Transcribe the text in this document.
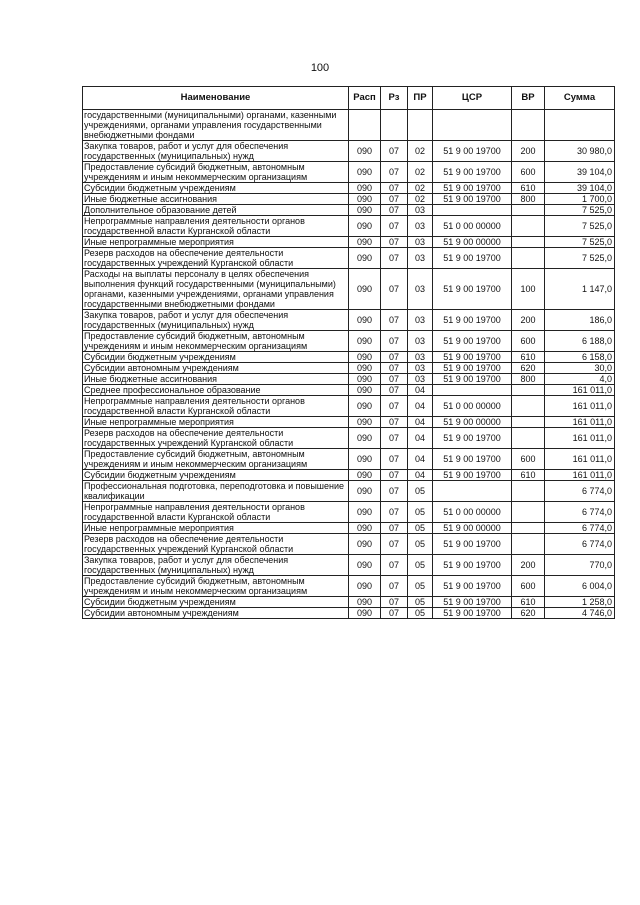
100
Наименование	Расп	Рз	ПР	ЦСР	ВР	Сумма
государственными (муниципальными) органами, казенными учреждениями, органами управления государственными внебюджетными фондами						
Закупка товаров, работ и услуг для обеспечения государственных (муниципальных) нужд	090	07	02	51 9 00 19700	200	30 980,0
Предоставление субсидий бюджетным, автономным учреждениям и иным некоммерческим организациям	090	07	02	51 9 00 19700	600	39 104,0
Субсидии бюджетным учреждениям	090	07	02	51 9 00 19700	610	39 104,0
Иные бюджетные ассигнования	090	07	02	51 9 00 19700	800	1 700,0
Дополнительное образование детей	090	07	03			7 525,0
Непрограммные направления деятельности органов государственной власти Курганской области	090	07	03	51 0 00 00000		7 525,0
Иные непрограммные мероприятия	090	07	03	51 9 00 00000		7 525,0
Резерв расходов на обеспечение деятельности государственных учреждений Курганской области	090	07	03	51 9 00 19700		7 525,0
Расходы на выплаты персоналу в целях обеспечения выполнения функций государственными (муниципальными) органами, казенными учреждениями, органами управления государственными внебюджетными фондами	090	07	03	51 9 00 19700	100	1 147,0
Закупка товаров, работ и услуг для обеспечения государственных (муниципальных) нужд	090	07	03	51 9 00 19700	200	186,0
Предоставление субсидий бюджетным, автономным учреждениям и иным некоммерческим организациям	090	07	03	51 9 00 19700	600	6 188,0
Субсидии бюджетным учреждениям	090	07	03	51 9 00 19700	610	6 158,0
Субсидии автономным учреждениям	090	07	03	51 9 00 19700	620	30,0
Иные бюджетные ассигнования	090	07	03	51 9 00 19700	800	4,0
Среднее профессиональное образование	090	07	04			161 011,0
Непрограммные направления деятельности органов государственной власти Курганской области	090	07	04	51 0 00 00000		161 011,0
Иные непрограммные мероприятия	090	07	04	51 9 00 00000		161 011,0
Резерв расходов на обеспечение деятельности государственных учреждений Курганской области	090	07	04	51 9 00 19700		161 011,0
Предоставление субсидий бюджетным, автономным учреждениям и иным некоммерческим организациям	090	07	04	51 9 00 19700	600	161 011,0
Субсидии бюджетным учреждениям	090	07	04	51 9 00 19700	610	161 011,0
Профессиональная подготовка, переподготовка и повышение квалификации	090	07	05			6 774,0
Непрограммные направления деятельности органов государственной власти Курганской области	090	07	05	51 0 00 00000		6 774,0
Иные непрограммные мероприятия	090	07	05	51 9 00 00000		6 774,0
Резерв расходов на обеспечение деятельности государственных учреждений Курганской области	090	07	05	51 9 00 19700		6 774,0
Закупка товаров, работ и услуг для обеспечения государственных (муниципальных) нужд	090	07	05	51 9 00 19700	200	770,0
Предоставление субсидий бюджетным, автономным учреждениям и иным некоммерческим организациям	090	07	05	51 9 00 19700	600	6 004,0
Субсидии бюджетным учреждениям	090	07	05	51 9 00 19700	610	1 258,0
Субсидии автономным учреждениям	090	07	05	51 9 00 19700	620	4 746,0
